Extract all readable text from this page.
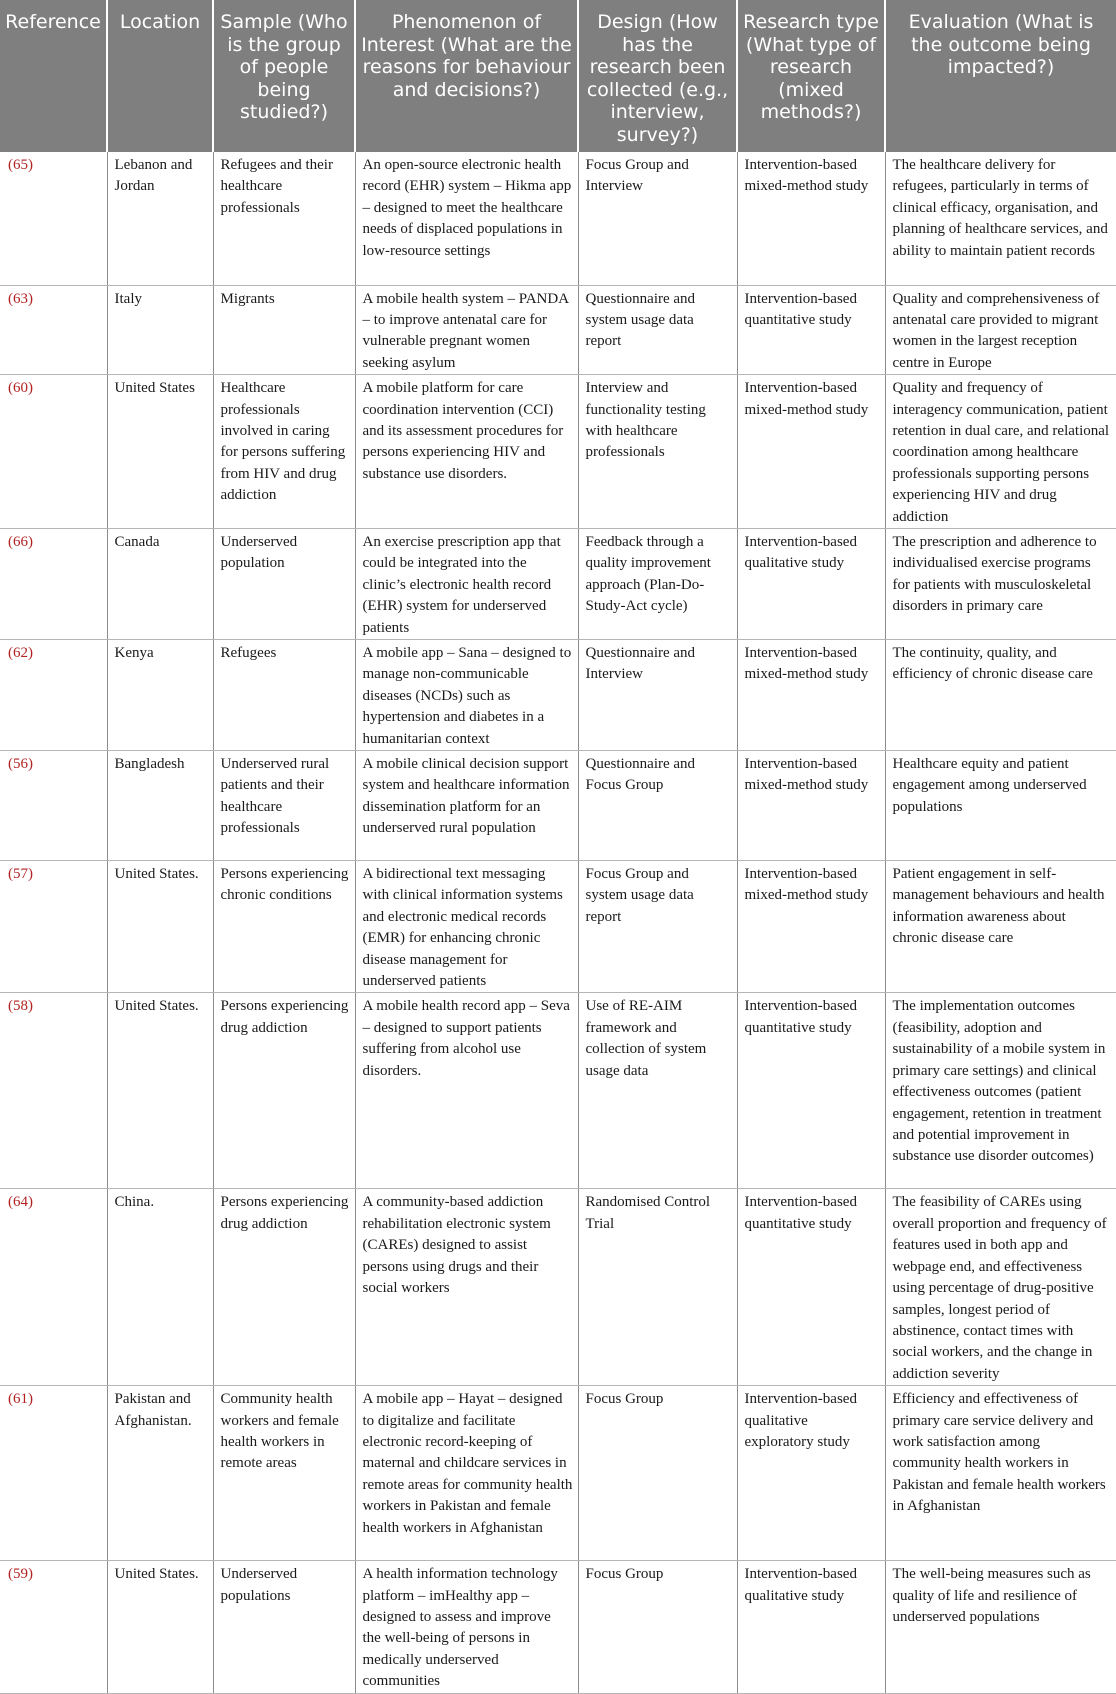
Reference	Location	Sample (Who is the group of people being studied?)	Phenomenon of Interest (What are the reasons for behaviour and decisions?)	Design (How has the research been collected (e.g., interview, survey?)	Research type (What type of research (mixed methods?)	Evaluation (What is the outcome being impacted?)
(65)	Lebanon and Jordan	Refugees and their healthcare professionals	An open-source electronic health record (EHR) system – Hikma app – designed to meet the healthcare needs of displaced populations in low-resource settings	Focus Group and Interview	Intervention-based mixed-method study	The healthcare delivery for refugees, particularly in terms of clinical efficacy, organisation, and planning of healthcare services, and ability to maintain patient records
(63)	Italy	Migrants	A mobile health system – PANDA – to improve antenatal care for vulnerable pregnant women seeking asylum	Questionnaire and system usage data report	Intervention-based quantitative study	Quality and comprehensiveness of antenatal care provided to migrant women in the largest reception centre in Europe
(60)	United States	Healthcare professionals involved in caring for persons suffering from HIV and drug addiction	A mobile platform for care coordination intervention (CCI) and its assessment procedures for persons experiencing HIV and substance use disorders.	Interview and functionality testing with healthcare professionals	Intervention-based mixed-method study	Quality and frequency of interagency communication, patient retention in dual care, and relational coordination among healthcare professionals supporting persons experiencing HIV and drug addiction
(66)	Canada	Underserved population	An exercise prescription app that could be integrated into the clinic’s electronic health record (EHR) system for underserved patients	Feedback through a quality improvement approach (Plan-Do-Study-Act cycle)	Intervention-based qualitative study	The prescription and adherence to individualised exercise programs for patients with musculoskeletal disorders in primary care
(62)	Kenya	Refugees	A mobile app – Sana – designed to manage non-communicable diseases (NCDs) such as hypertension and diabetes in a humanitarian context	Questionnaire and Interview	Intervention-based mixed-method study	The continuity, quality, and efficiency of chronic disease care
(56)	Bangladesh	Underserved rural patients and their healthcare professionals	A mobile clinical decision support system and healthcare information dissemination platform for an underserved rural population	Questionnaire and Focus Group	Intervention-based mixed-method study	Healthcare equity and patient engagement among underserved populations
(57)	United States.	Persons experiencing chronic conditions	A bidirectional text messaging with clinical information systems and electronic medical records (EMR) for enhancing chronic disease management for underserved patients	Focus Group and system usage data report	Intervention-based mixed-method study	Patient engagement in self-management behaviours and health information awareness about chronic disease care
(58)	United States.	Persons experiencing drug addiction	A mobile health record app – Seva – designed to support patients suffering from alcohol use disorders.	Use of RE-AIM framework and collection of system usage data	Intervention-based quantitative study	The implementation outcomes (feasibility, adoption and sustainability of a mobile system in primary care settings) and clinical effectiveness outcomes (patient engagement, retention in treatment and potential improvement in substance use disorder outcomes)
(64)	China.	Persons experiencing drug addiction	A community-based addiction rehabilitation electronic system (CAREs) designed to assist persons using drugs and their social workers	Randomised Control Trial	Intervention-based quantitative study	The feasibility of CAREs using overall proportion and frequency of features used in both app and webpage end, and effectiveness using percentage of drug-positive samples, longest period of abstinence, contact times with social workers, and the change in addiction severity
(61)	Pakistan and Afghanistan.	Community health workers and female health workers in remote areas	A mobile app – Hayat – designed to digitalize and facilitate electronic record-keeping of maternal and childcare services in remote areas for community health workers in Pakistan and female health workers in Afghanistan	Focus Group	Intervention-based qualitative exploratory study	Efficiency and effectiveness of primary care service delivery and work satisfaction among community health workers in Pakistan and female health workers in Afghanistan
(59)	United States.	Underserved populations	A health information technology platform – imHealthy app – designed to assess and improve the well-being of persons in medically underserved communities	Focus Group	Intervention-based qualitative study	The well-being measures such as quality of life and resilience of underserved populations
